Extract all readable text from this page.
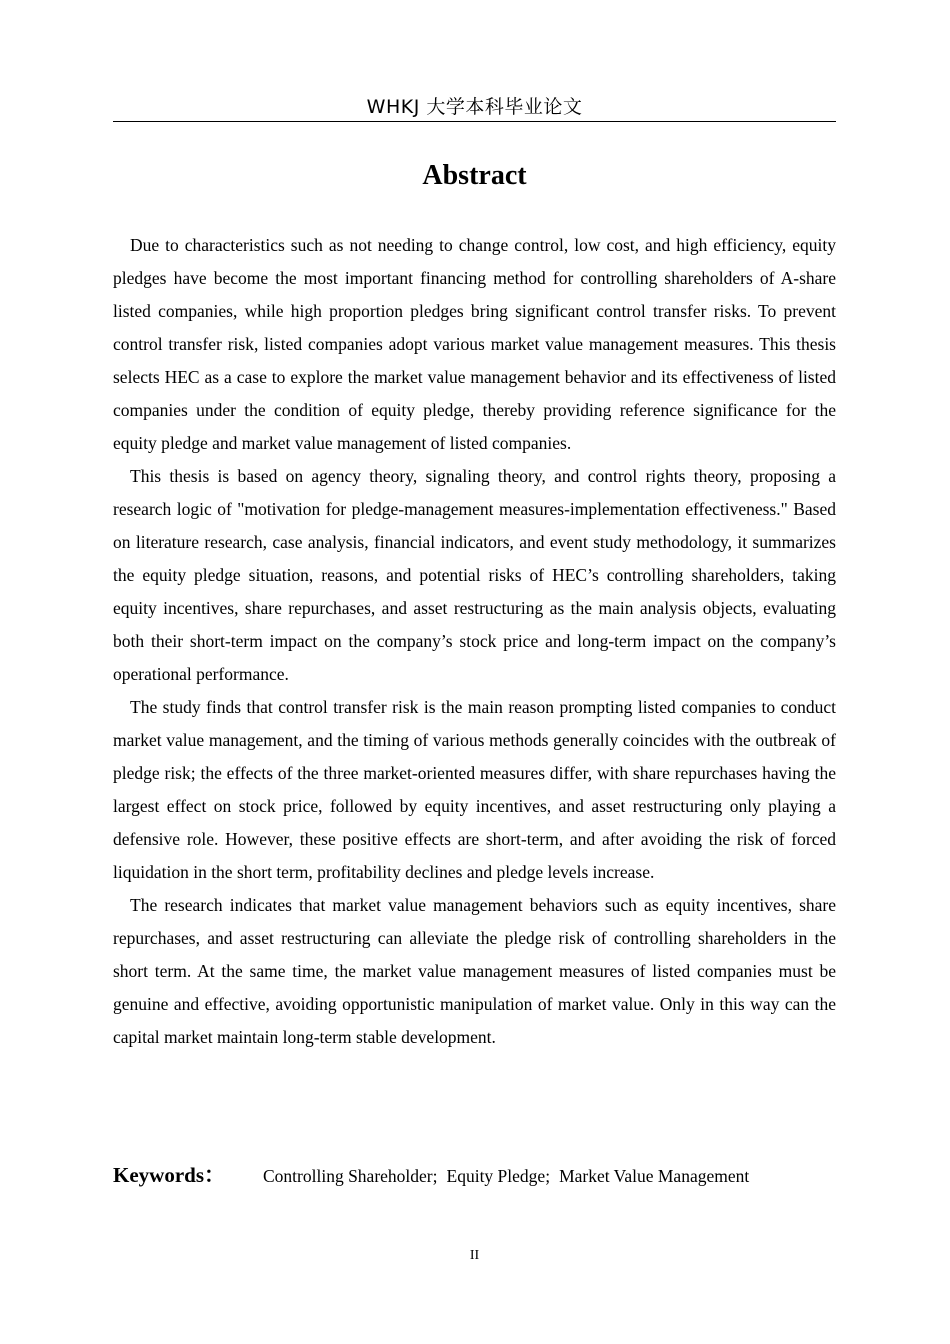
WHKJ 大学本科毕业论文
Abstract

Due to characteristics such as not needing to change control, low cost, and high efficiency, equity pledges have become the most important financing method for controlling shareholders of A-share listed companies, while high proportion pledges bring significant control transfer risks. To prevent control transfer risk, listed companies adopt various market value management measures. This thesis selects HEC as a case to explore the market value management behavior and its effectiveness of listed companies under the condition of equity pledge, thereby providing reference significance for the equity pledge and market value management of listed companies.

This thesis is based on agency theory, signaling theory, and control rights theory, proposing a research logic of "motivation for pledge-management measures-implementation effectiveness." Based on literature research, case analysis, financial indicators, and event study methodology, it summarizes the equity pledge situation, reasons, and potential risks of HEC’s controlling shareholders, taking equity incentives, share repurchases, and asset restructuring as the main analysis objects, evaluating both their short-term impact on the company’s stock price and long-term impact on the company’s operational performance.

The study finds that control transfer risk is the main reason prompting listed companies to conduct market value management, and the timing of various methods generally coincides with the outbreak of pledge risk; the effects of the three market-oriented measures differ, with share repurchases having the largest effect on stock price, followed by equity incentives, and asset restructuring only playing a defensive role. However, these positive effects are short-term, and after avoiding the risk of forced liquidation in the short term, profitability declines and pledge levels increase.

The research indicates that market value management behaviors such as equity incentives, share repurchases, and asset restructuring can alleviate the pledge risk of controlling shareholders in the short term. At the same time, the market value management measures of listed companies must be genuine and effective, avoiding opportunistic manipulation of market value. Only in this way can the capital market maintain long-term stable development.

Keywords： Controlling Shareholder; Equity Pledge; Market Value Management
II
